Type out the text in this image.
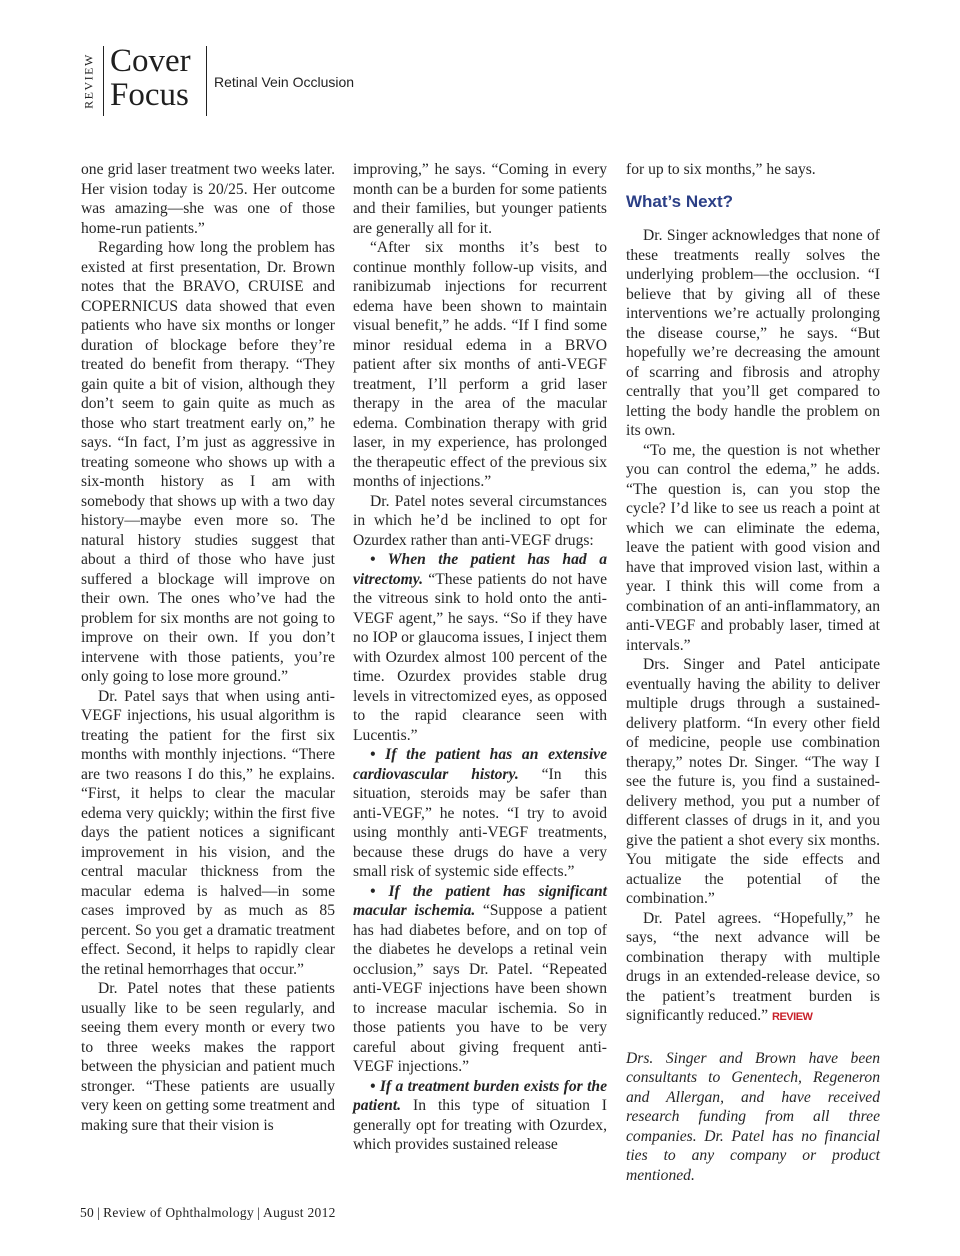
REVIEW Cover
Focus Retinal Vein Occlusion

one grid laser treatment two weeks later. Her vision today is 20/25. Her outcome was amazing—she was one of those home-run patients.”

Regarding how long the problem has existed at first presentation, Dr. Brown notes that the BRAVO, CRUISE and COPERNICUS data showed that even patients who have six months or longer duration of blockage before they’re treated do benefit from therapy. “They gain quite a bit of vision, although they don’t seem to gain quite as much as those who start treatment early on,” he says. “In fact, I’m just as aggressive in treating someone who shows up with a six-month history as I am with somebody that shows up with a two day history—maybe even more so. The natural history studies suggest that about a third of those who have just suffered a blockage will improve on their own. The ones who’ve had the problem for six months are not going to improve on their own. If you don’t intervene with those patients, you’re only going to lose more ground.”

Dr. Patel says that when using anti-VEGF injections, his usual algorithm is treating the patient for the first six months with monthly injections. “There are two reasons I do this,” he explains. “First, it helps to clear the macular edema very quickly; within the first five days the patient notices a significant improvement in his vision, and the central macular thickness from the macular edema is halved—in some cases improved by as much as 85 percent. So you get a dramatic treatment effect. Second, it helps to rapidly clear the retinal hemorrhages that occur.”

Dr. Patel notes that these patients usually like to be seen regularly, and seeing them every month or every two to three weeks makes the rapport between the physician and patient much stronger. “These patients are usually very keen on getting some treatment and making sure that their vision is

improving,” he says. “Coming in every month can be a burden for some patients and their families, but younger patients are generally all for it.

“After six months it’s best to continue monthly follow-up visits, and ranibizumab injections for recurrent edema have been shown to maintain visual benefit,” he adds. “If I find some minor residual edema in a BRVO patient after six months of anti-VEGF treatment, I’ll perform a grid laser therapy in the area of the macular edema. Combination therapy with grid laser, in my experience, has prolonged the therapeutic effect of the previous six months of injections.”

Dr. Patel notes several circumstances in which he’d be inclined to opt for Ozurdex rather than anti-VEGF drugs:

• When the patient has had a vitrectomy. “These patients do not have the vitreous sink to hold onto the anti-VEGF agent,” he says. “So if they have no IOP or glaucoma issues, I inject them with Ozurdex almost 100 percent of the time. Ozurdex provides stable drug levels in vitrectomized eyes, as opposed to the rapid clearance seen with Lucentis.”

• If the patient has an extensive cardiovascular history. “In this situation, steroids may be safer than anti-VEGF,” he notes. “I try to avoid using monthly anti-VEGF treatments, because these drugs do have a very small risk of systemic side effects.”

• If the patient has significant macular ischemia. “Suppose a patient has had diabetes before, and on top of the diabetes he develops a retinal vein occlusion,” says Dr. Patel. “Repeated anti-VEGF injections have been shown to increase macular ischemia. So in those patients you have to be very careful about giving frequent anti-VEGF injections.”

• If a treatment burden exists for the patient. In this type of situation I generally opt for treating with Ozurdex, which provides sustained release

for up to six months,” he says.

What’s Next?

Dr. Singer acknowledges that none of these treatments really solves the underlying problem—the occlusion. “I believe that by giving all of these interventions we’re actually prolonging the disease course,” he says. “But hopefully we’re decreasing the amount of scarring and fibrosis and atrophy centrally that you’ll get compared to letting the body handle the problem on its own.

“To me, the question is not whether you can control the edema,” he adds. “The question is, can you stop the cycle? I’d like to see us reach a point at which we can eliminate the edema, leave the patient with good vision and have that improved vision last, within a year. I think this will come from a combination of an anti-inflammatory, an anti-VEGF and probably laser, timed at intervals.”

Drs. Singer and Patel anticipate eventually having the ability to deliver multiple drugs through a sustained-delivery platform. “In every other field of medicine, people use combination therapy,” notes Dr. Singer. “The way I see the future is, you find a sustained-delivery method, you put a number of different classes of drugs in it, and you give the patient a shot every six months. You mitigate the side effects and actualize the potential of the combination.”

Dr. Patel agrees. “Hopefully,” he says, “the next advance will be combination therapy with multiple drugs in an extended-release device, so the patient’s treatment burden is significantly reduced.” REVIEW

Drs. Singer and Brown have been consultants to Genentech, Regeneron and Allergan, and have received research funding from all three companies. Dr. Patel has no financial ties to any company or product mentioned.

50 | Review of Ophthalmology | August 2012
